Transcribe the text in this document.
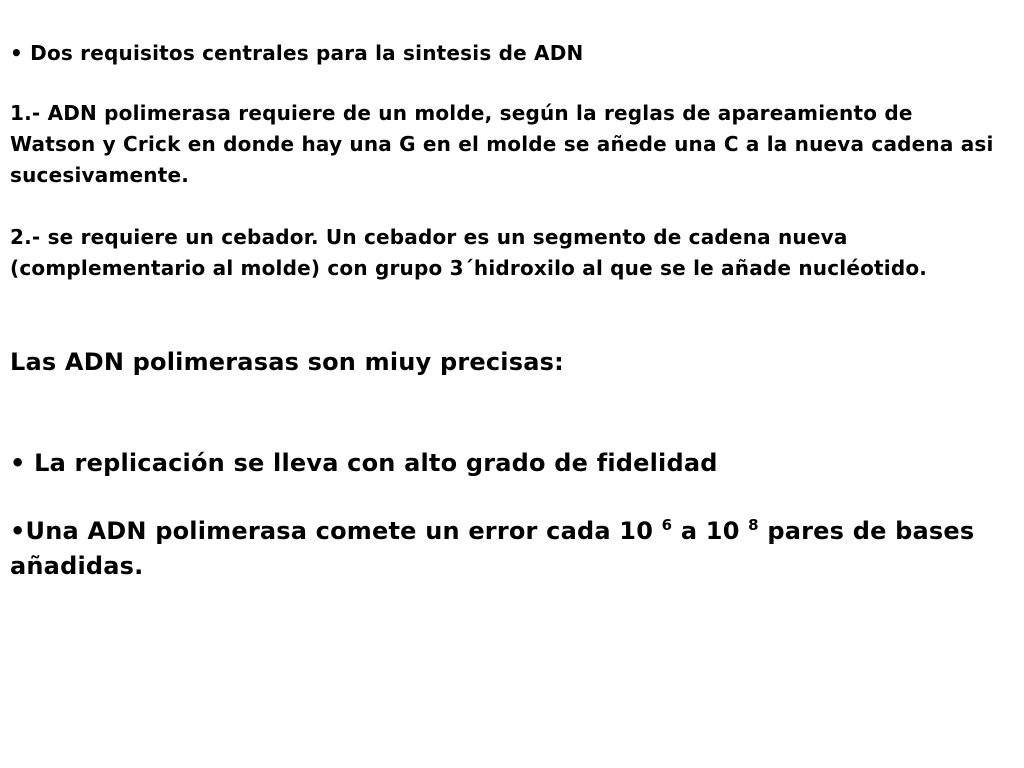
• Dos requisitos centrales para la sintesis de ADN

1.- ADN polimerasa requiere de un molde, según la reglas de apareamiento de Watson y Crick en donde hay una G en el molde se añede una C a la nueva cadena asi sucesivamente.

2.- se requiere un cebador. Un cebador es un segmento de cadena nueva (complementario al molde) con grupo 3´hidroxilo al que se le añade nucléotido.

Las ADN polimerasas son miuy precisas:

• La replicación se lleva con alto grado de fidelidad

•Una ADN polimerasa comete un error cada 10 $^6$ a 10 $^8$ pares de bases añadidas.
